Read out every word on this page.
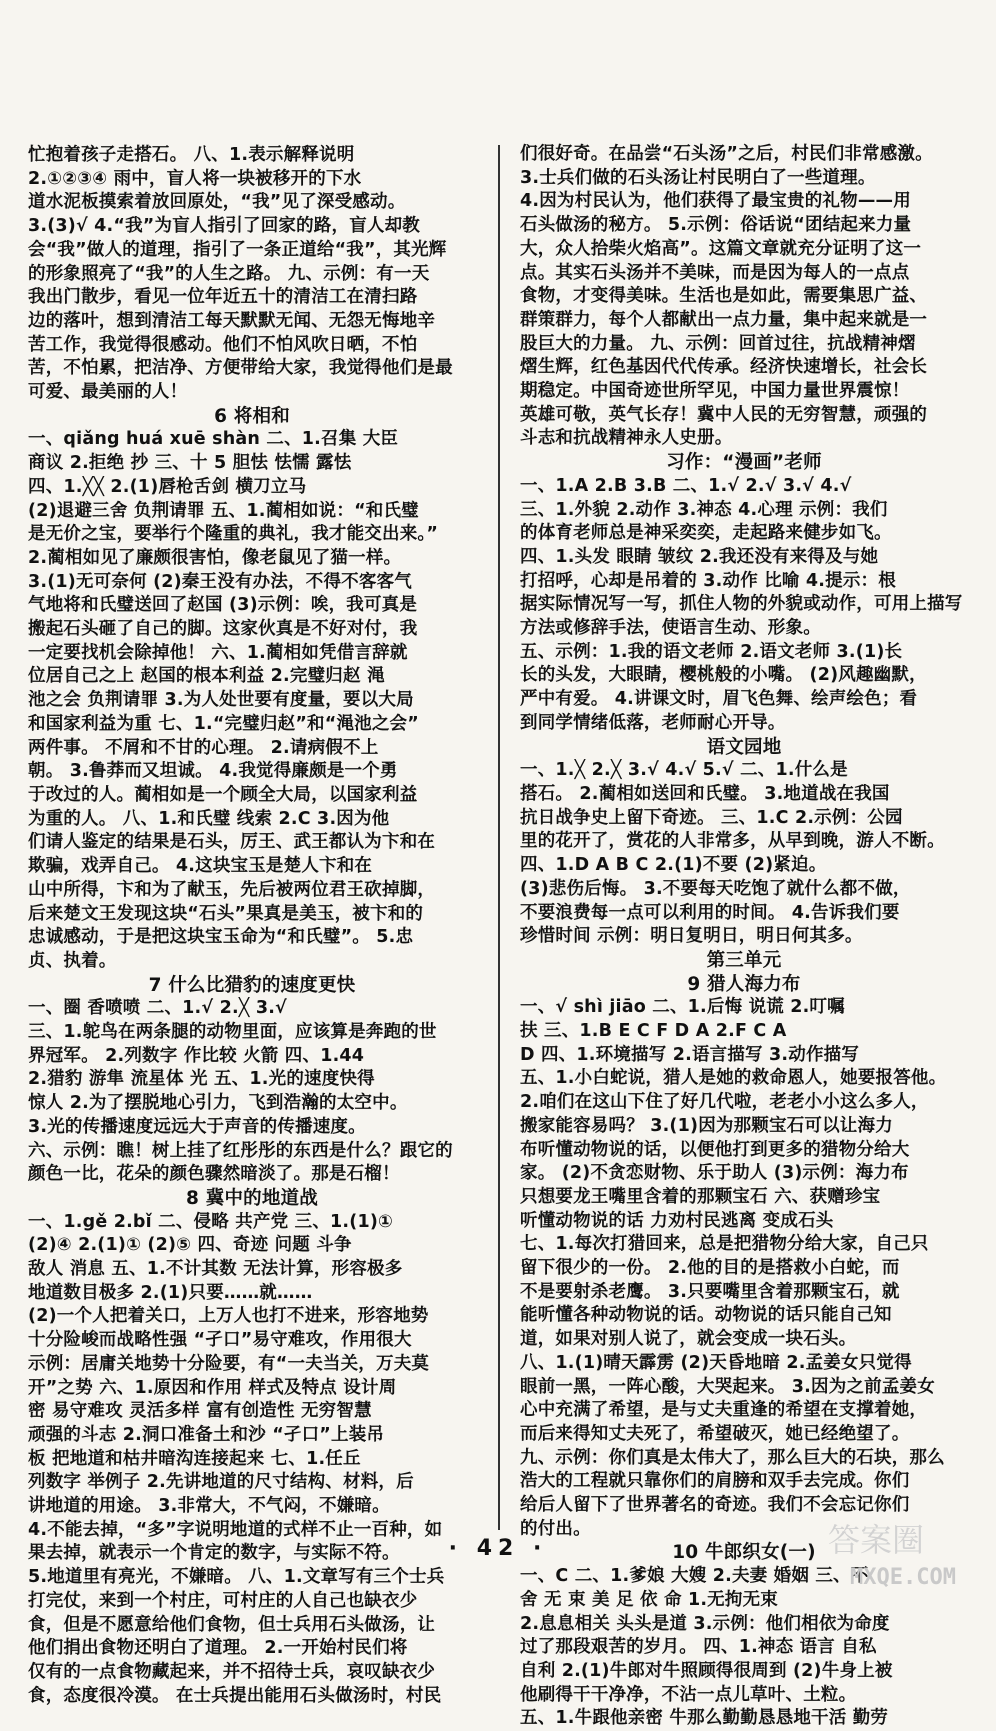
忙抱着孩子走搭石。 八、1.表示解释说明
2.①②③④ 雨中，盲人将一块被移开的下水
道水泥板摸索着放回原处，“我”见了深受感动。
3.(3)√ 4.“我”为盲人指引了回家的路，盲人却教
会“我”做人的道理，指引了一条正道给“我”，其光辉
的形象照亮了“我”的人生之路。 九、示例：有一天
我出门散步，看见一位年近五十的清洁工在清扫路
边的落叶，想到清洁工每天默默无闻、无怨无悔地辛
苦工作，我觉得很感动。他们不怕风吹日晒，不怕
苦，不怕累，把洁净、方便带给大家，我觉得他们是最
可爱、最美丽的人！
6 将相和
一、qiǎng huá xuē shàn 二、1.召集 大臣
商议 2.拒绝 抄 三、十 5 胆怯 怯懦 露怯
四、1.╳╳ 2.(1)唇枪舌剑 横刀立马
(2)退避三舍 负荆请罪 五、1.蔺相如说：“和氏璧
是无价之宝，要举行个隆重的典礼，我才能交出来。”
2.蔺相如见了廉颇很害怕，像老鼠见了猫一样。
3.(1)无可奈何 (2)秦王没有办法，不得不客客气
气地将和氏璧送回了赵国 (3)示例：唉，我可真是
搬起石头砸了自己的脚。这家伙真是不好对付，我
一定要找机会除掉他！ 六、1.蔺相如凭借言辞就
位居自己之上 赵国的根本利益 2.完璧归赵 渑
池之会 负荆请罪 3.为人处世要有度量，要以大局
和国家利益为重 七、1.“完璧归赵”和“渑池之会”
两件事。 不屑和不甘的心理。 2.请病假不上
朝。 3.鲁莽而又坦诚。 4.我觉得廉颇是一个勇
于改过的人。蔺相如是一个顾全大局，以国家利益
为重的人。 八、1.和氏璧 线索 2.C 3.因为他
们请人鉴定的结果是石头，厉王、武王都认为卞和在
欺骗，戏弄自己。 4.这块宝玉是楚人卞和在
山中所得，卞和为了献玉，先后被两位君王砍掉脚，
后来楚文王发现这块“石头”果真是美玉，被卞和的
忠诚感动，于是把这块宝玉命为“和氏璧”。 5.忠
贞、执着。
7 什么比猎豹的速度更快
一、圈 香喷喷 二、1.√ 2.╳ 3.√
三、1.鸵鸟在两条腿的动物里面，应该算是奔跑的世
界冠军。 2.列数字 作比较 火箭 四、1.44
2.猎豹 游隼 流星体 光 五、1.光的速度快得
惊人 2.为了摆脱地心引力，飞到浩瀚的太空中。
3.光的传播速度远远大于声音的传播速度。
六、示例：瞧！树上挂了红彤彤的东西是什么？跟它的
颜色一比，花朵的颜色骤然暗淡了。那是石榴！
8 冀中的地道战
一、1.gě 2.bǐ 二、侵略 共产党 三、1.(1)①
(2)④ 2.(1)① (2)⑤ 四、奇迹 问题 斗争
敌人 消息 五、1.不计其数 无法计算，形容极多
地道数目极多 2.(1)只要……就……
(2)一个人把着关口，上万人也打不进来，形容地势
十分险峻而战略性强 “孑口”易守难攻，作用很大
示例：居庸关地势十分险要，有“一夫当关，万夫莫
开”之势 六、1.原因和作用 样式及特点 设计周
密 易守难攻 灵活多样 富有创造性 无穷智慧
顽强的斗志 2.洞口准备土和沙 “孑口”上装吊
板 把地道和枯井暗沟连接起来 七、1.任丘
列数字 举例子 2.先讲地道的尺寸结构、材料，后
讲地道的用途。 3.非常大，不气闷，不嫌暗。
4.不能去掉，“多”字说明地道的式样不止一百种，如
果去掉，就表示一个肯定的数字，与实际不符。
5.地道里有亮光，不嫌暗。 八、1.文章写有三个士兵
打完仗，来到一个村庄，可村庄的人自己也缺衣少
食，但是不愿意给他们食物，但士兵用石头做汤，让
他们捐出食物还明白了道理。 2.一开始村民们将
仅有的一点食物藏起来，并不招待士兵，哀叹缺衣少
食，态度很冷漠。 在士兵提出能用石头做汤时，村民
们很好奇。在品尝“石头汤”之后，村民们非常感激。
3.士兵们做的石头汤让村民明白了一些道理。
4.因为村民认为，他们获得了最宝贵的礼物——用
石头做汤的秘方。 5.示例：俗话说“团结起来力量
大，众人拾柴火焰高”。这篇文章就充分证明了这一
点。其实石头汤并不美味，而是因为每人的一点点
食物，才变得美味。生活也是如此，需要集思广益、
群策群力，每个人都献出一点力量，集中起来就是一
股巨大的力量。 九、示例：回首过往，抗战精神熠
熠生辉，红色基因代代传承。经济快速增长，社会长
期稳定。中国奇迹世所罕见，中国力量世界震惊！
英雄可敬，英气长存！冀中人民的无穷智慧，顽强的
斗志和抗战精神永人史册。
习作：“漫画”老师
一、1.A 2.B 3.B 二、1.√ 2.√ 3.√ 4.√
三、1.外貌 2.动作 3.神态 4.心理 示例：我们
的体育老师总是神采奕奕，走起路来健步如飞。
四、1.头发 眼睛 皱纹 2.我还没有来得及与她
打招呼，心却是吊着的 3.动作 比喻 4.提示：根
据实际情况写一写，抓住人物的外貌或动作，可用上描写
方法或修辞手法，使语言生动、形象。
五、示例：1.我的语文老师 2.语文老师 3.(1)长
长的头发，大眼睛，樱桃般的小嘴。 (2)风趣幽默，
严中有爱。 4.讲课文时，眉飞色舞、绘声绘色；看
到同学情绪低落，老师耐心开导。
语文园地
一、1.╳ 2.╳ 3.√ 4.√ 5.√ 二、1.什么是
搭石。 2.蔺相如送回和氏璧。 3.地道战在我国
抗日战争史上留下奇迹。 三、1.C 2.示例：公园
里的花开了，赏花的人非常多，从早到晚，游人不断。
四、1.D A B C 2.(1)不要 (2)紧迫。
(3)悲伤后悔。 3.不要每天吃饱了就什么都不做，
不要浪费每一点可以利用的时间。 4.告诉我们要
珍惜时间 示例：明日复明日，明日何其多。
第三单元
9 猎人海力布
一、√ shì jiāo 二、1.后悔 说谎 2.叮嘱
扶 三、1.B E C F D A 2.F C A
D 四、1.环境描写 2.语言描写 3.动作描写
五、1.小白蛇说，猎人是她的救命恩人，她要报答他。
2.咱们在这山下住了好几代啦，老老小小这么多人，
搬家能容易吗？ 3.(1)因为那颗宝石可以让海力
布听懂动物说的话，以便他打到更多的猎物分给大
家。 (2)不贪恋财物、乐于助人 (3)示例：海力布
只想要龙王嘴里含着的那颗宝石 六、获赠珍宝
听懂动物说的话 力劝村民逃离 变成石头
七、1.每次打猎回来，总是把猎物分给大家，自己只
留下很少的一份。 2.他的目的是搭救小白蛇，而
不是要射杀老鹰。 3.只要嘴里含着那颗宝石，就
能听懂各种动物说的话。动物说的话只能自己知
道，如果对别人说了，就会变成一块石头。
八、1.(1)晴天霹雳 (2)天昏地暗 2.孟姜女只觉得
眼前一黑，一阵心酸，大哭起来。 3.因为之前孟姜女
心中充满了希望，是与丈夫重逢的希望在支撑着她，
而后来得知丈夫死了，希望破灭，她已经绝望了。
九、示例：你们真是太伟大了，那么巨大的石块，那么
浩大的工程就只靠你们的肩膀和双手去完成。你们
给后人留下了世界著名的奇迹。我们不会忘记你们
的付出。
10 牛郎织女(一)
一、C 二、1.爹娘 大嫂 2.夫妻 婚姻 三、不
舍 无 束 美 足 依 命 1.无拘无束
2.息息相关 头头是道 3.示例：他们相依为命度
过了那段艰苦的岁月。 四、1.神态 语言 自私
自利 2.(1)牛郎对牛照顾得很周到 (2)牛身上被
他刷得干干净净，不沾一点儿草叶、土粒。
五、1.牛跟他亲密 牛那么勤勤恳恳地干活 勤劳
· 42 ·	答案圈
MXQE.COM
